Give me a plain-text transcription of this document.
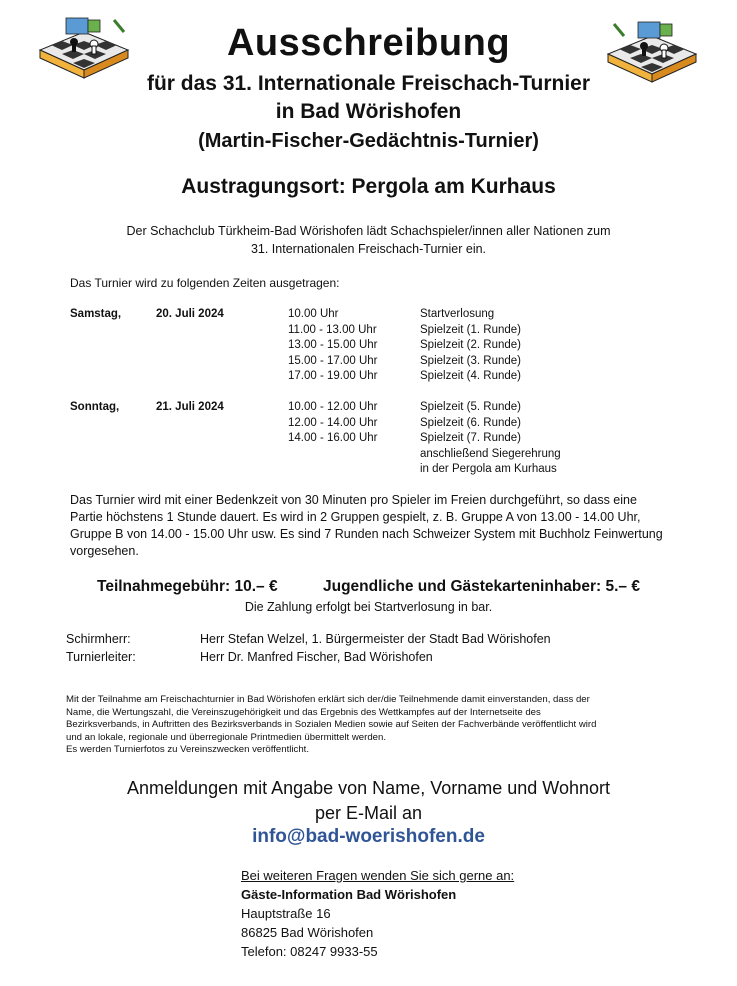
Ausschreibung
für das 31. Internationale Freischach-Turnier
in Bad Wörishofen
(Martin-Fischer-Gedächtnis-Turnier)
Austragungsort: Pergola am Kurhaus
Der Schachclub Türkheim-Bad Wörishofen lädt Schachspieler/innen aller Nationen zum
31. Internationalen Freischach-Turnier ein.
Das Turnier wird zu folgenden Zeiten ausgetragen:
Samstag,	20. Juli 2024	10.00 Uhr	Startverlosung
11.00 - 13.00 Uhr	Spielzeit (1. Runde)
13.00 - 15.00 Uhr	Spielzeit (2. Runde)
15.00 - 17.00 Uhr	Spielzeit (3. Runde)
17.00 - 19.00 Uhr	Spielzeit (4. Runde)
Sonntag,	21. Juli 2024	10.00 - 12.00 Uhr	Spielzeit (5. Runde)
12.00 - 14.00 Uhr	Spielzeit (6. Runde)
14.00 - 16.00 Uhr	Spielzeit (7. Runde)
anschließend Siegerehrung
in der Pergola am Kurhaus
Das Turnier wird mit einer Bedenkzeit von 30 Minuten pro Spieler im Freien durchgeführt, so dass eine
Partie höchstens 1 Stunde dauert. Es wird in 2 Gruppen gespielt, z. B. Gruppe A von 13.00 - 14.00 Uhr,
Gruppe B von 14.00 - 15.00 Uhr usw. Es sind 7 Runden nach Schweizer System mit Buchholz Feinwertung
vorgesehen.
Teilnahmegebühr: 10.– €	Jugendliche und Gästekarteninhaber: 5.– €
Die Zahlung erfolgt bei Startverlosung in bar.
Schirmherr:	Herr Stefan Welzel, 1. Bürgermeister der Stadt Bad Wörishofen
Turnierleiter:	Herr Dr. Manfred Fischer, Bad Wörishofen
Mit der Teilnahme am Freischachturnier in Bad Wörishofen erklärt sich der/die Teilnehmende damit einverstanden, dass der
Name, die Wertungszahl, die Vereinszugehörigkeit und das Ergebnis des Wettkampfes auf der Internetseite des
Bezirksverbands, in Auftritten des Bezirksverbands in Sozialen Medien sowie auf Seiten der Fachverbände veröffentlicht wird
und an lokale, regionale und überregionale Printmedien übermittelt werden.
Es werden Turnierfotos zu Vereinszwecken veröffentlicht.
Anmeldungen mit Angabe von Name, Vorname und Wohnort
per E-Mail an
info@bad-woerishofen.de
Bei weiteren Fragen wenden Sie sich gerne an:
Gäste-Information Bad Wörishofen
Hauptstraße 16
86825 Bad Wörishofen
Telefon: 08247 9933-55
